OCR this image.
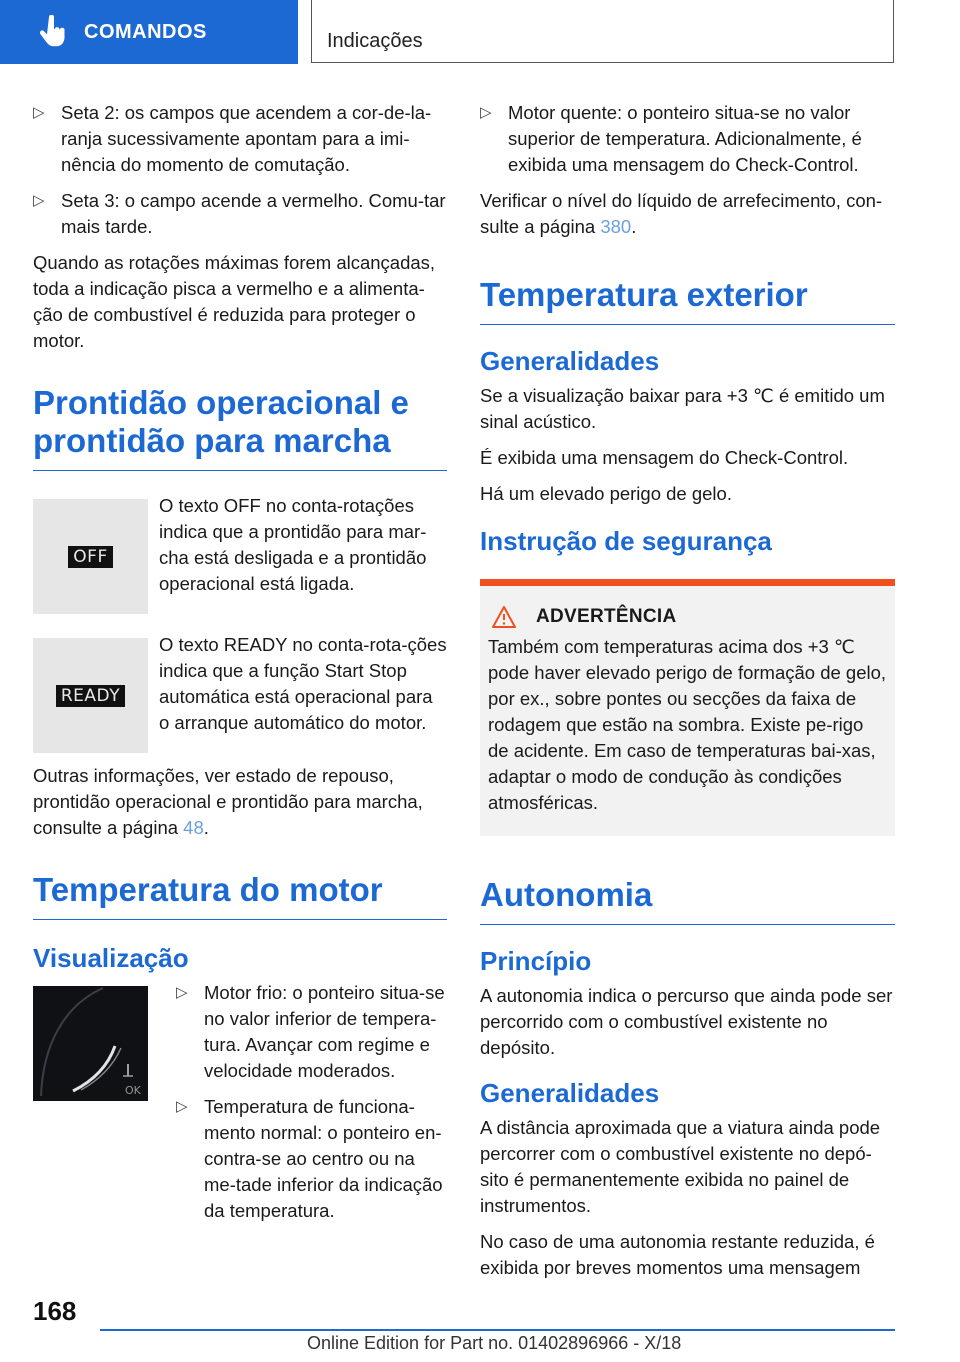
COMANDOS	Indicações
▷ Seta 2: os campos que acendem a cor-de-la-ranja sucessivamente apontam para a imi-nência do momento de comutação.
▷ Seta 3: o campo acende a vermelho. Comu-tar mais tarde.

Quando as rotações máximas forem alcançadas, toda a indicação pisca a vermelho e a alimenta-ção de combustível é reduzida para proteger o motor.

Prontidão operacional e prontidão para marcha
OFF

O texto OFF no conta-rotações indica que a prontidão para mar-cha está desligada e a prontidão operacional está ligada.

READY

O texto READY no conta-rota-ções indica que a função Start Stop automática está operacional para o arranque automático do motor.

Outras informações, ver estado de repouso, prontidão operacional e prontidão para marcha, consulte a página 48.

Temperatura do motor
Visualização
OK
▷ Motor frio: o ponteiro situa-se no valor inferior de tempera-tura. Avançar com regime e velocidade moderados.
▷ Temperatura de funciona-mento normal: o ponteiro en-contra-se ao centro ou na me-tade inferior da indicação da temperatura.
▷ Motor quente: o ponteiro situa-se no valor superior de temperatura. Adicionalmente, é exibida uma mensagem do Check-Control.

Verificar o nível do líquido de arrefecimento, con-sulte a página 380.

Temperatura exterior
Generalidades

Se a visualização baixar para +3 ℃ é emitido um sinal acústico.

É exibida uma mensagem do Check-Control.

Há um elevado perigo de gelo.

Instrução de segurança
ADVERTÊNCIA

Também com temperaturas acima dos +3 ℃ pode haver elevado perigo de formação de gelo, por ex., sobre pontes ou secções da faixa de rodagem que estão na sombra. Existe pe-rigo de acidente. Em caso de temperaturas bai-xas, adaptar o modo de condução às condições atmosféricas.

Autonomia
Princípio

A autonomia indica o percurso que ainda pode ser percorrido com o combustível existente no depósito.

Generalidades

A distância aproximada que a viatura ainda pode percorrer com o combustível existente no depó-sito é permanentemente exibida no painel de instrumentos.

No caso de uma autonomia restante reduzida, é exibida por breves momentos uma mensagem

168
Online Edition for Part no. 01402896966 - X/18
